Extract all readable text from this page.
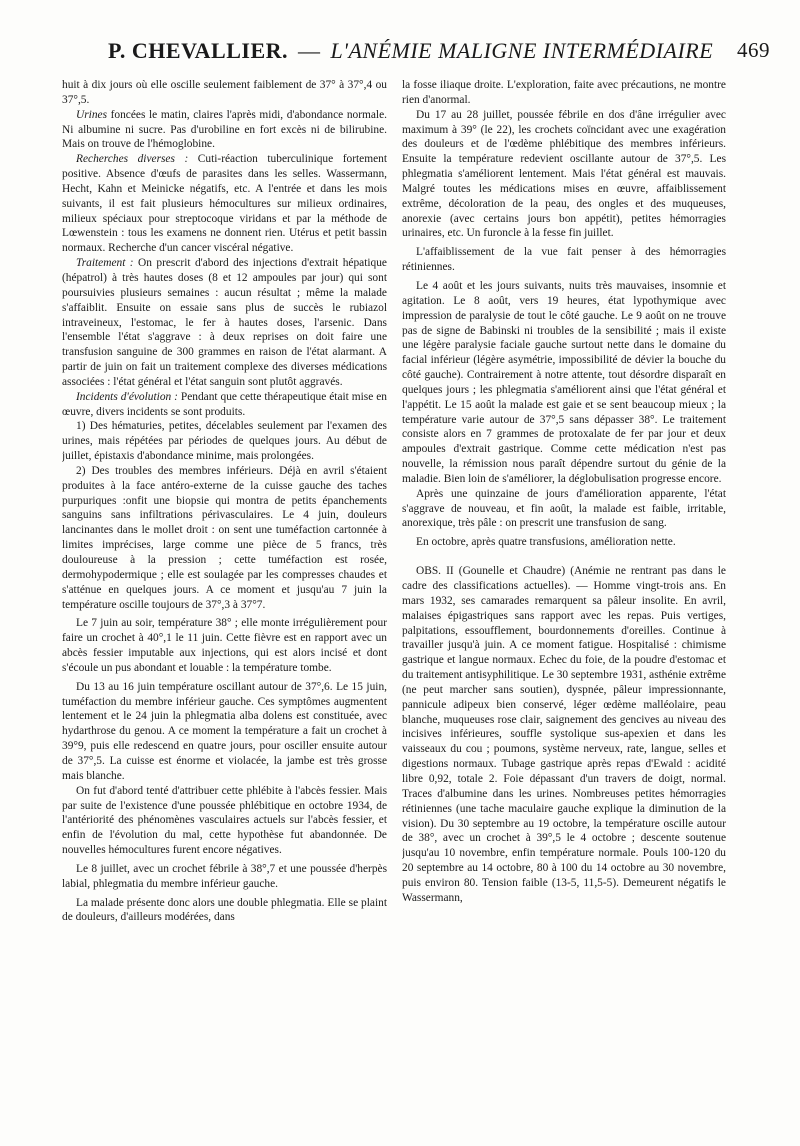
P. CHEVALLIER. — L'ANÉMIE MALIGNE INTERMÉDIAIRE 469

huit à dix jours où elle oscille seulement faiblement de 37° à 37°,4 ou 37°,5.

Urines foncées le matin, claires l'après midi, d'abondance normale. Ni albumine ni sucre. Pas d'urobiline en fort excès ni de bilirubine. Mais on trouve de l'hémoglobine.

Recherches diverses : Cuti-réaction tuberculinique fortement positive. Absence d'œufs de parasites dans les selles. Wassermann, Hecht, Kahn et Meinicke négatifs, etc. A l'entrée et dans les mois suivants, il est fait plusieurs hémocultures sur milieux ordinaires, milieux spéciaux pour streptocoque viridans et par la méthode de Lœwenstein : tous les examens ne donnent rien. Utérus et petit bassin normaux. Recherche d'un cancer viscéral négative.

Traitement : On prescrit d'abord des injections d'extrait hépatique (hépatrol) à très hautes doses (8 et 12 ampoules par jour) qui sont poursuivies plusieurs semaines : aucun résultat ; même la malade s'affaiblit. Ensuite on essaie sans plus de succès le rubiazol intraveineux, l'estomac, le fer à hautes doses, l'arsenic. Dans l'ensemble l'état s'aggrave : à deux reprises on doit faire une transfusion sanguine de 300 grammes en raison de l'état alarmant. A partir de juin on fait un traitement complexe des diverses médications associées : l'état général et l'état sanguin sont plutôt aggravés.

Incidents d'évolution : Pendant que cette thérapeutique était mise en œuvre, divers incidents se sont produits.

1) Des hématuries, petites, décelables seulement par l'examen des urines, mais répétées par périodes de quelques jours. Au début de juillet, épistaxis d'abondance minime, mais prolongées.

2) Des troubles des membres inférieurs. Déjà en avril s'étaient produites à la face antéro-externe de la cuisse gauche des taches purpuriques :onfit une biopsie qui montra de petits épanchements sanguins sans infiltrations périvasculaires. Le 4 juin, douleurs lancinantes dans le mollet droit : on sent une tuméfaction cartonnée à limites imprécises, large comme une pièce de 5 francs, très douloureuse à la pression ; cette tuméfaction est rosée, dermohypodermique ; elle est soulagée par les compresses chaudes et s'atténue en quelques jours. A ce moment et jusqu'au 7 juin la température oscille toujours de 37°,3 à 37°7.

Le 7 juin au soir, température 38° ; elle monte irrégulièrement pour faire un crochet à 40°,1 le 11 juin. Cette fièvre est en rapport avec un abcès fessier imputable aux injections, qui est alors incisé et dont s'écoule un pus abondant et louable : la température tombe.

Du 13 au 16 juin température oscillant autour de 37°,6. Le 15 juin, tuméfaction du membre inférieur gauche. Ces symptômes augmentent lentement et le 24 juin la phlegmatia alba dolens est constituée, avec hydarthrose du genou. A ce moment la température a fait un crochet à 39°9, puis elle redescend en quatre jours, pour osciller ensuite autour de 37°,5. La cuisse est énorme et violacée, la jambe est très grosse mais blanche.

On fut d'abord tenté d'attribuer cette phlébite à l'abcès fessier. Mais par suite de l'existence d'une poussée phlébitique en octobre 1934, de l'antériorité des phénomènes vasculaires actuels sur l'abcès fessier, et enfin de l'évolution du mal, cette hypothèse fut abandonnée. De nouvelles hémocultures furent encore négatives.

Le 8 juillet, avec un crochet fébrile à 38°,7 et une poussée d'herpès labial, phlegmatia du membre inférieur gauche.

La malade présente donc alors une double phlegmatia. Elle se plaint de douleurs, d'ailleurs modérées, dans

la fosse iliaque droite. L'exploration, faite avec précautions, ne montre rien d'anormal.

Du 17 au 28 juillet, poussée fébrile en dos d'âne irrégulier avec maximum à 39° (le 22), les crochets coïncidant avec une exagération des douleurs et de l'œdème phlébitique des membres inférieurs. Ensuite la température redevient oscillante autour de 37°,5. Les phlegmatia s'améliorent lentement. Mais l'état général est mauvais. Malgré toutes les médications mises en œuvre, affaiblissement extrême, décoloration de la peau, des ongles et des muqueuses, anorexie (avec certains jours bon appétit), petites hémorragies urinaires, etc. Un furoncle à la fesse fin juillet.

L'affaiblissement de la vue fait penser à des hémorragies rétiniennes.

Le 4 août et les jours suivants, nuits très mauvaises, insomnie et agitation. Le 8 août, vers 19 heures, état lypothymique avec impression de paralysie de tout le côté gauche. Le 9 août on ne trouve pas de signe de Babinski ni troubles de la sensibilité ; mais il existe une légère paralysie faciale gauche surtout nette dans le domaine du facial inférieur (légère asymétrie, impossibilité de dévier la bouche du côté gauche). Contrairement à notre attente, tout désordre disparaît en quelques jours ; les phlegmatia s'améliorent ainsi que l'état général et l'appétit. Le 15 août la malade est gaie et se sent beaucoup mieux ; la température varie autour de 37°,5 sans dépasser 38°. Le traitement consiste alors en 7 grammes de protoxalate de fer par jour et deux ampoules d'extrait gastrique. Comme cette médication n'est pas nouvelle, la rémission nous paraît dépendre surtout du génie de la maladie. Bien loin de s'améliorer, la déglobulisation progresse encore.

Après une quinzaine de jours d'amélioration apparente, l'état s'aggrave de nouveau, et fin août, la malade est faible, irritable, anorexique, très pâle : on prescrit une transfusion de sang.

En octobre, après quatre transfusions, amélioration nette.

OBS. II (Gounelle et Chaudre) (Anémie ne rentrant pas dans le cadre des classifications actuelles). — Homme vingt-trois ans. En mars 1932, ses camarades remarquent sa pâleur insolite. En avril, malaises épigastriques sans rapport avec les repas. Puis vertiges, palpitations, essoufflement, bourdonnements d'oreilles. Continue à travailler jusqu'à juin. A ce moment fatigue. Hospitalisé : chimisme gastrique et langue normaux. Echec du foie, de la poudre d'estomac et du traitement antisyphilitique. Le 30 septembre 1931, asthénie extrême (ne peut marcher sans soutien), dyspnée, pâleur impressionnante, pannicule adipeux bien conservé, léger œdème malléolaire, peau blanche, muqueuses rose clair, saignement des gencives au niveau des incisives inférieures, souffle systolique sus-apexien et dans les vaisseaux du cou ; poumons, système nerveux, rate, langue, selles et digestions normaux. Tubage gastrique après repas d'Ewald : acidité libre 0,92, totale 2. Foie dépassant d'un travers de doigt, normal. Traces d'albumine dans les urines. Nombreuses petites hémorragies rétiniennes (une tache maculaire gauche explique la diminution de la vision). Du 30 septembre au 19 octobre, la température oscille autour de 38°, avec un crochet à 39°,5 le 4 octobre ; descente soutenue jusqu'au 10 novembre, enfin température normale. Pouls 100-120 du 20 septembre au 14 octobre, 80 à 100 du 14 octobre au 30 novembre, puis environ 80. Tension faible (13-5, 11,5-5). Demeurent négatifs le Wassermann,
